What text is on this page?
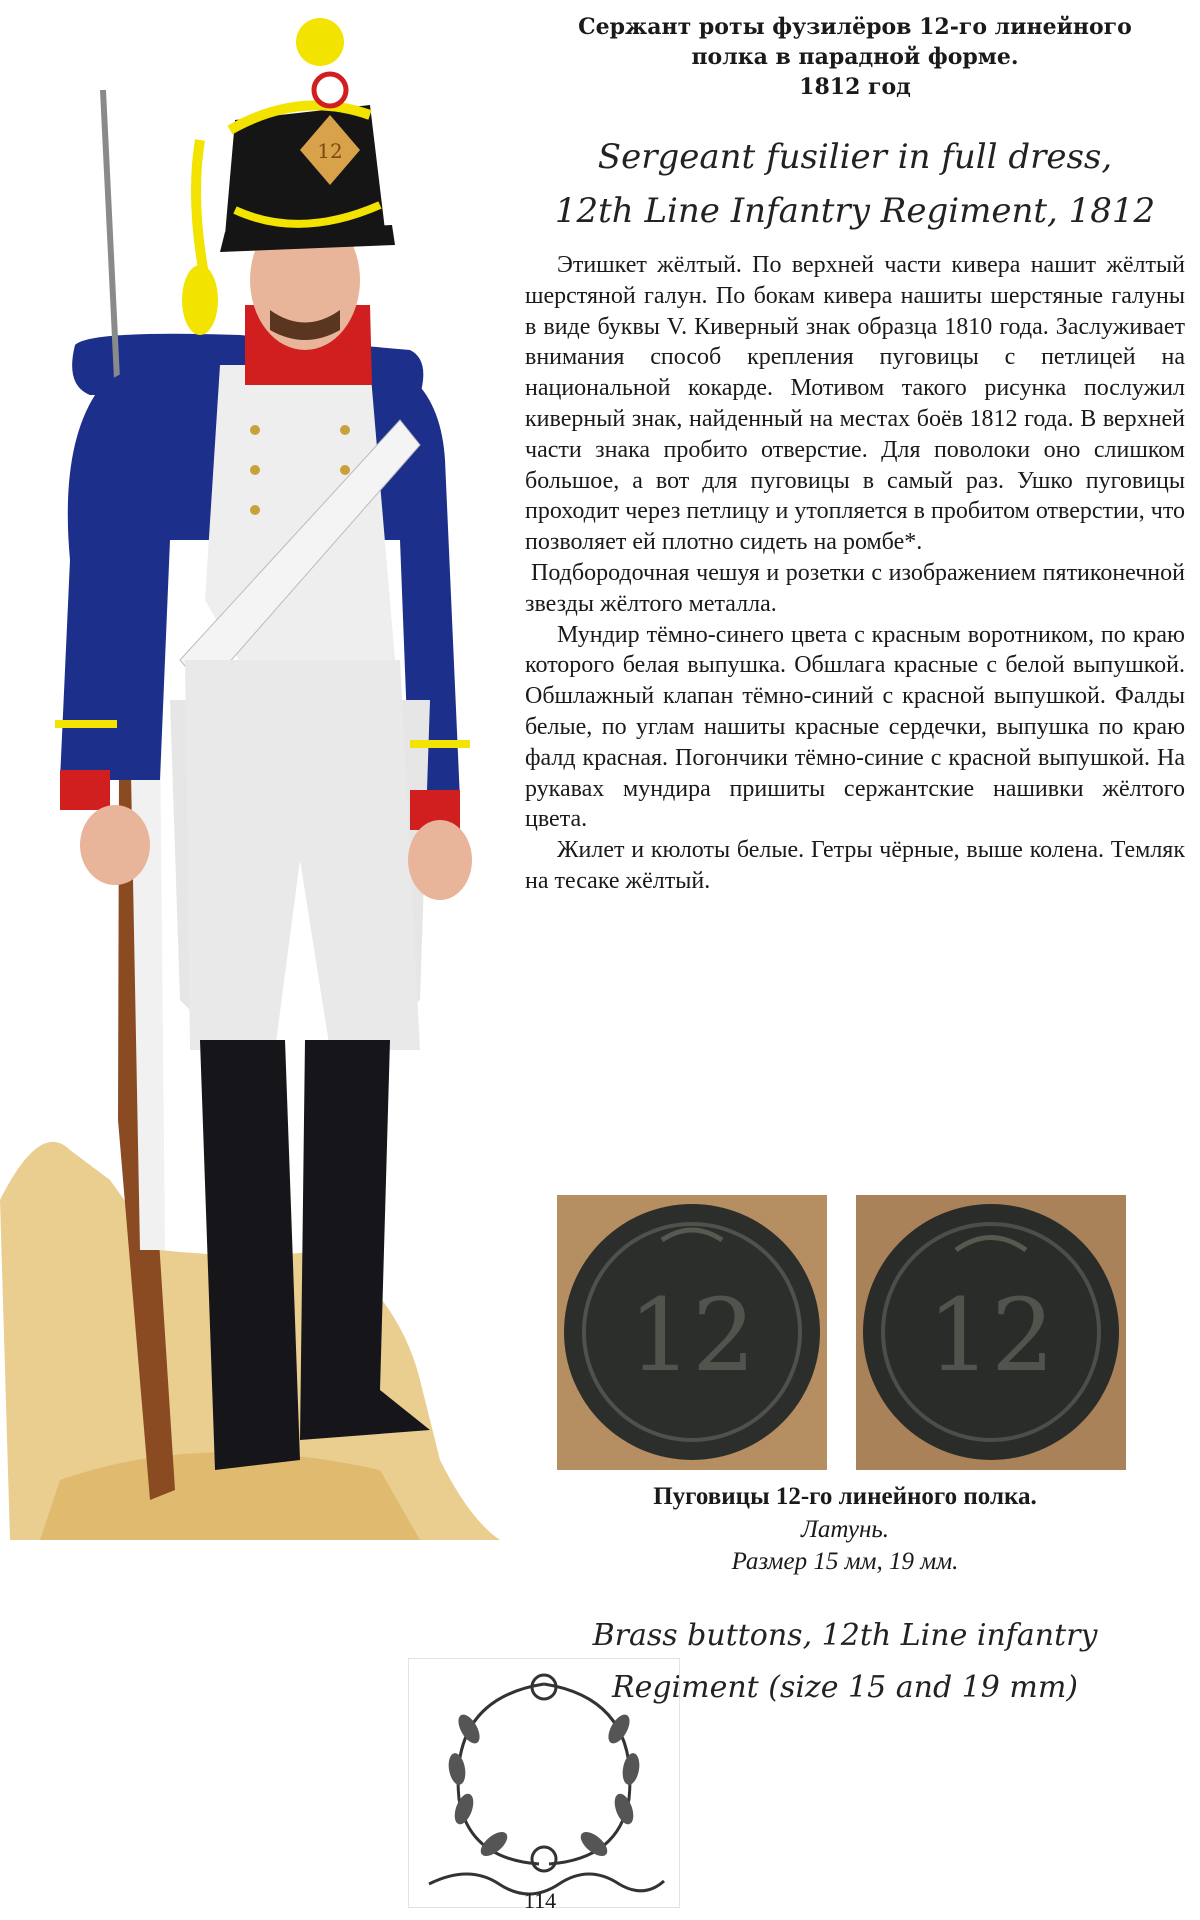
12
Сержант роты фузилёров 12-го линейного
полка в парадной форме.
1812 год
Sergeant fusilier in full dress,
12th Line Infantry Regiment, 1812

Этишкет жёлтый. По верхней части кивера нашит жёлтый шерстяной галун. По бокам кивера нашиты шерстяные галуны в виде буквы V. Киверный знак образца 1810 года. Заслуживает внимания способ крепления пуговицы с петлицей на национальной кокарде. Мотивом такого рисунка послужил киверный знак, найденный на местах боёв 1812 года. В верхней части знака пробито отверстие. Для поволоки оно слишком большое, а вот для пуговицы в самый раз. Ушко пуговицы проходит через петлицу и утопляется в пробитом отверстии, что позволяет ей плотно сидеть на ромбе*.

Подбородочная чешуя и розетки с изображением пятиконечной звезды жёлтого металла.

Мундир тёмно-синего цвета с красным воротником, по краю которого белая выпушка. Обшлага красные с белой выпушкой. Обшлажный клапан тёмно-синий с красной выпушкой. Фалды белые, по углам нашиты красные сердечки, выпушка по краю фалд красная. Погончики тёмно-синие с красной выпушкой. На рукавах мундира пришиты сержантские нашивки жёлтого цвета.

Жилет и кюлоты белые. Гетры чёрные, выше колена. Темляк на тесаке жёлтый.

12 12
Пуговицы 12-го линейного полка.
Латунь.
Размер 15 мм, 19 мм.
Brass buttons, 12th Line infantry
Regiment (size 15 and 19 mm)
114
